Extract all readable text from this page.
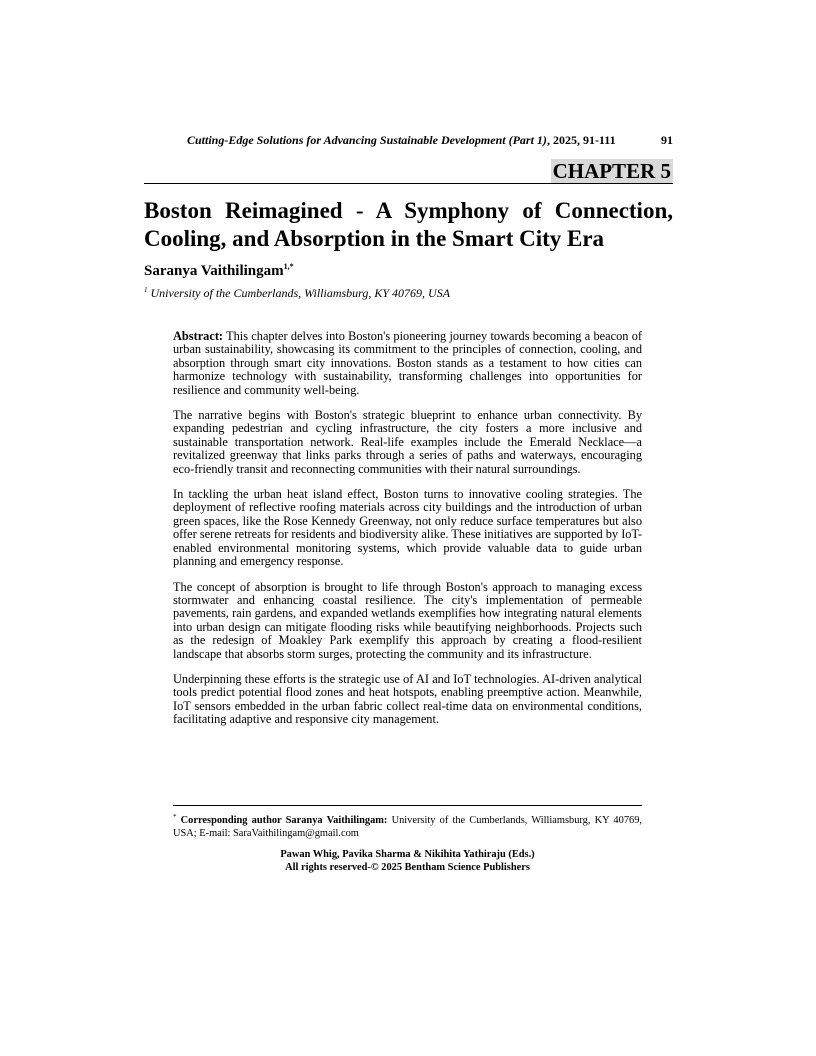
Cutting-Edge Solutions for Advancing Sustainable Development (Part 1), 2025, 91-111	91
CHAPTER 5
Boston Reimagined - A Symphony of Connection, Cooling, and Absorption in the Smart City Era
Saranya Vaithilingam$^{1,*}$
$^1$ University of the Cumberlands, Williamsburg, KY 40769, USA

Abstract: This chapter delves into Boston's pioneering journey towards becoming a beacon of urban sustainability, showcasing its commitment to the principles of connection, cooling, and absorption through smart city innovations. Boston stands as a testament to how cities can harmonize technology with sustainability, transforming challenges into opportunities for resilience and community well-being.

The narrative begins with Boston's strategic blueprint to enhance urban connectivity. By expanding pedestrian and cycling infrastructure, the city fosters a more inclusive and sustainable transportation network. Real-life examples include the Emerald Necklace—a revitalized greenway that links parks through a series of paths and waterways, encouraging eco-friendly transit and reconnecting communities with their natural surroundings.

In tackling the urban heat island effect, Boston turns to innovative cooling strategies. The deployment of reflective roofing materials across city buildings and the introduction of urban green spaces, like the Rose Kennedy Greenway, not only reduce surface temperatures but also offer serene retreats for residents and biodiversity alike. These initiatives are supported by IoT-enabled environmental monitoring systems, which provide valuable data to guide urban planning and emergency response.

The concept of absorption is brought to life through Boston's approach to managing excess stormwater and enhancing coastal resilience. The city's implementation of permeable pavements, rain gardens, and expanded wetlands exemplifies how integrating natural elements into urban design can mitigate flooding risks while beautifying neighborhoods. Projects such as the redesign of Moakley Park exemplify this approach by creating a flood-resilient landscape that absorbs storm surges, protecting the community and its infrastructure.

Underpinning these efforts is the strategic use of AI and IoT technologies. AI-driven analytical tools predict potential flood zones and heat hotspots, enabling preemptive action. Meanwhile, IoT sensors embedded in the urban fabric collect real-time data on environmental conditions, facilitating adaptive and responsive city management.

* Corresponding author Saranya Vaithilingam: University of the Cumberlands, Williamsburg, KY 40769, USA; E-mail: SaraVaithilingam@gmail.com
Pawan Whig, Pavika Sharma & Nikihita Yathiraju (Eds.)
All rights reserved-© 2025 Bentham Science Publishers
